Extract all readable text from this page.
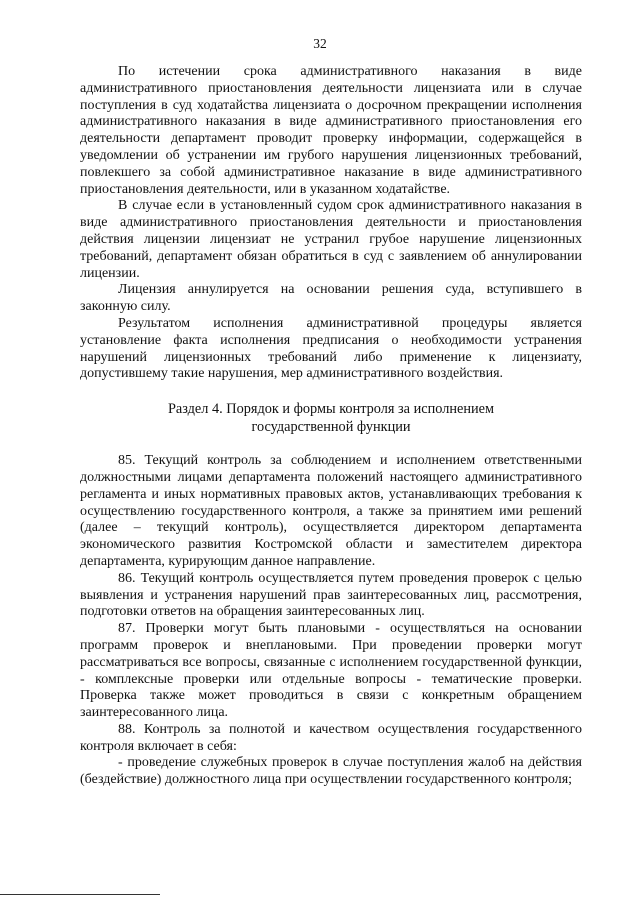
32

По истечении срока административного наказания в виде административного приостановления деятельности лицензиата или в случае поступления в суд ходатайства лицензиата о досрочном прекращении исполнения административного наказания в виде административного приостановления его деятельности департамент проводит проверку информации, содержащейся в уведомлении об устранении им грубого нарушения лицензионных требований, повлекшего за собой административное наказание в виде административного приостановления деятельности, или в указанном ходатайстве.

В случае если в установленный судом срок административного наказания в виде административного приостановления деятельности и приостановления действия лицензии лицензиат не устранил грубое нарушение лицензионных требований, департамент обязан обратиться в суд с заявлением об аннулировании лицензии.

Лицензия аннулируется на основании решения суда, вступившего в законную силу.

Результатом исполнения административной процедуры является установление факта исполнения предписания о необходимости устранения нарушений лицензионных требований либо применение к лицензиату, допустившему такие нарушения, мер административного воздействия.

Раздел 4. Порядок и формы контроля за исполнением
государственной функции

85. Текущий контроль за соблюдением и исполнением ответственными должностными лицами департамента положений настоящего административного регламента и иных нормативных правовых актов, устанавливающих требования к осуществлению государственного контроля, а также за принятием ими решений (далее – текущий контроль), осуществляется директором департамента экономического развития Костромской области и заместителем директора департамента, курирующим данное направление.

86. Текущий контроль осуществляется путем проведения проверок с целью выявления и устранения нарушений прав заинтересованных лиц, рассмотрения, подготовки ответов на обращения заинтересованных лиц.

87. Проверки могут быть плановыми - осуществляться на основании программ проверок и внеплановыми. При проведении проверки могут рассматриваться все вопросы, связанные с исполнением государственной функции, - комплексные проверки или отдельные вопросы - тематические проверки. Проверка также может проводиться в связи с конкретным обращением заинтересованного лица.

88. Контроль за полнотой и качеством осуществления государственного контроля включает в себя:

- проведение служебных проверок в случае поступления жалоб на действия (бездействие) должностного лица при осуществлении государственного контроля;
